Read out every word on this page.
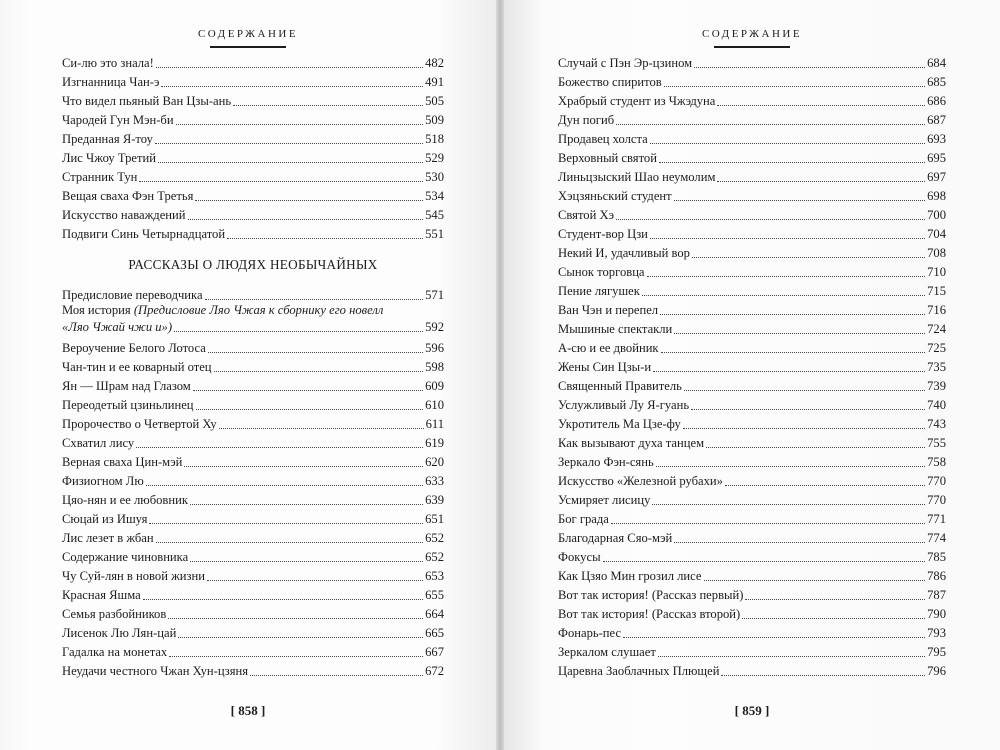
СОДЕРЖАНИЕ
Си-лю это знала!	482
Изгнанница Чан-э	491
Что видел пьяный Ван Цзы-ань	505
Чародей Гун Мэн-би	509
Преданная Я-тоу	518
Лис Чжоу Третий	529
Странник Тун	530
Вещая сваха Фэн Третья	534
Искусство наваждений	545
Подвиги Синь Четырнадцатой	551
РАССКАЗЫ О ЛЮДЯХ НЕОБЫЧАЙНЫХ
Предисловие переводчика	571
Моя история (Предисловие Ляо Чжая к сборнику его новелл
«Ляо Чжай чжи и»)	592
Вероучение Белого Лотоса	596
Чан-тин и ее коварный отец	598
Ян — Шрам над Глазом	609
Переодетый цзиньлинец	610
Пророчество о Четвертой Ху	611
Схватил лису	619
Верная сваха Цин-мэй	620
Физиогном Лю	633
Цяо-нян и ее любовник	639
Сюцай из Ишуя	651
Лис лезет в жбан	652
Содержание чиновника	652
Чу Суй-лян в новой жизни	653
Красная Яшма	655
Семья разбойников	664
Лисенок Лю Лян-цай	665
Гадалка на монетах	667
Неудачи честного Чжан Хун-цзяня	672
[ 858 ]
СОДЕРЖАНИЕ
Случай с Пэн Эр-цзином	684
Божество спиритов	685
Храбрый студент из Чжэдуна	686
Дун погиб	687
Продавец холста	693
Верховный святой	695
Линьцзыский Шао неумолим	697
Хэцзяньский студент	698
Святой Хэ	700
Студент-вор Цзи	704
Некий И, удачливый вор	708
Сынок торговца	710
Пение лягушек	715
Ван Чэн и перепел	716
Мышиные спектакли	724
А-сю и ее двойник	725
Жены Син Цзы-и	735
Священный Правитель	739
Услужливый Лу Я-гуань	740
Укротитель Ма Цзе-фу	743
Как вызывают духа танцем	755
Зеркало Фэн-сянь	758
Искусство «Железной рубахи»	770
Усмиряет лисицу	770
Бог града	771
Благодарная Сяо-мэй	774
Фокусы	785
Как Цзяо Мин грозил лисе	786
Вот так история! (Рассказ первый)	787
Вот так история! (Рассказ второй)	790
Фонарь-пес	793
Зеркалом слушает	795
Царевна Заоблачных Плющей	796
[ 859 ]
